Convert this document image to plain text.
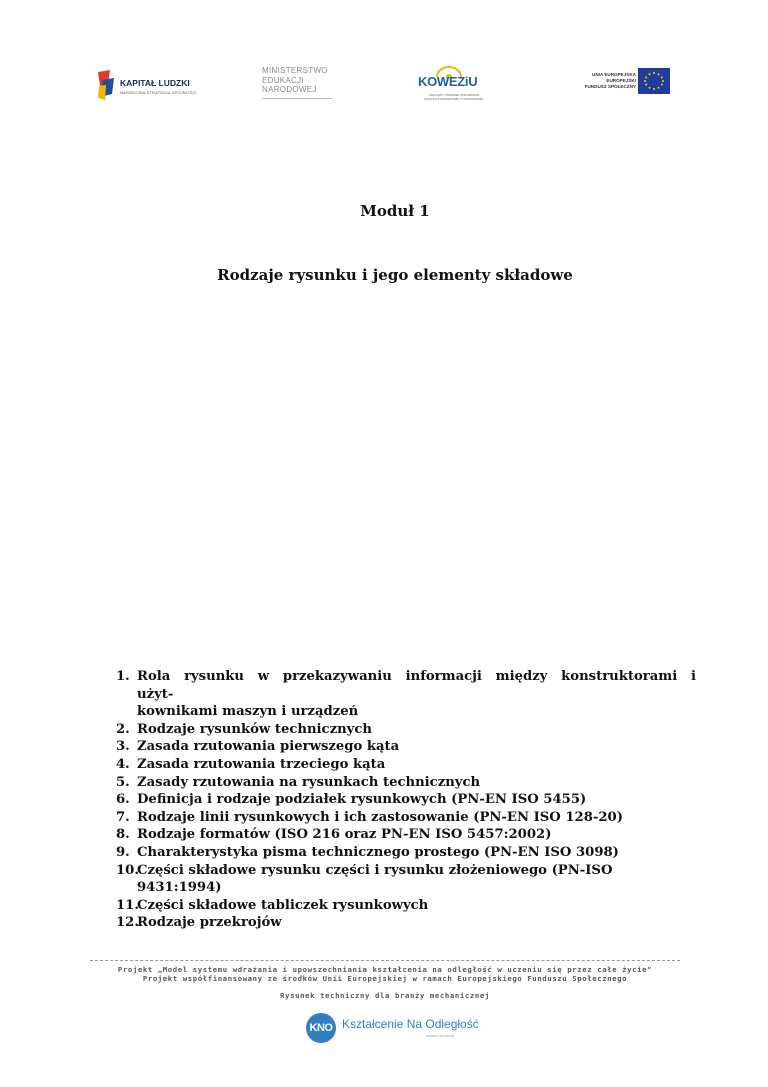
KAPITAŁ LUDZKI
NARODOWA STRATEGIA SPÓJNOŚCI
MINISTERSTWO
EDUKACJI
NARODOWEJ
KOWEZiU
KRAJOWY OŚRODEK WSPIERANIA EDUKACJI ZAWODOWEJ I USTAWICZNEJ
UNIA EUROPEJSKA
EUROPEJSKI
FUNDUSZ SPOŁECZNY
Moduł 1
Rodzaje rysunku i jego elementy składowe
1. Rola rysunku w przekazywaniu informacji między konstruktorami i użyt-
kownikami maszyn i urządzeń
2. Rodzaje rysunków technicznych
3. Zasada rzutowania pierwszego kąta
4. Zasada rzutowania trzeciego kąta
5. Zasady rzutowania na rysunkach technicznych
6. Definicja i rodzaje podziałek rysunkowych (PN-EN ISO 5455)
7. Rodzaje linii rysunkowych i ich zastosowanie (PN-EN ISO 128-20)
8. Rodzaje formatów (ISO 216 oraz PN-EN ISO 5457:2002)
9. Charakterystyka pisma technicznego prostego (PN-EN ISO 3098)
10.
Części składowe rysunku części i rysunku złożeniowego (PN-ISO
9431:1994)
11.
Części składowe tabliczek rysunkowych
12.
Rodzaje przekrojów
Projekt „Model systemu wdrażania i upowszechniania kształcenia na odległość w uczeniu się przez całe życie"
Projekt współfinansowany ze środków Unii Europejskiej w ramach Europejskiego Funduszu Społecznego
Rysunek techniczny dla branży mechanicznej
KNO Kształcenie Na Odległość
szkoła na miarę
